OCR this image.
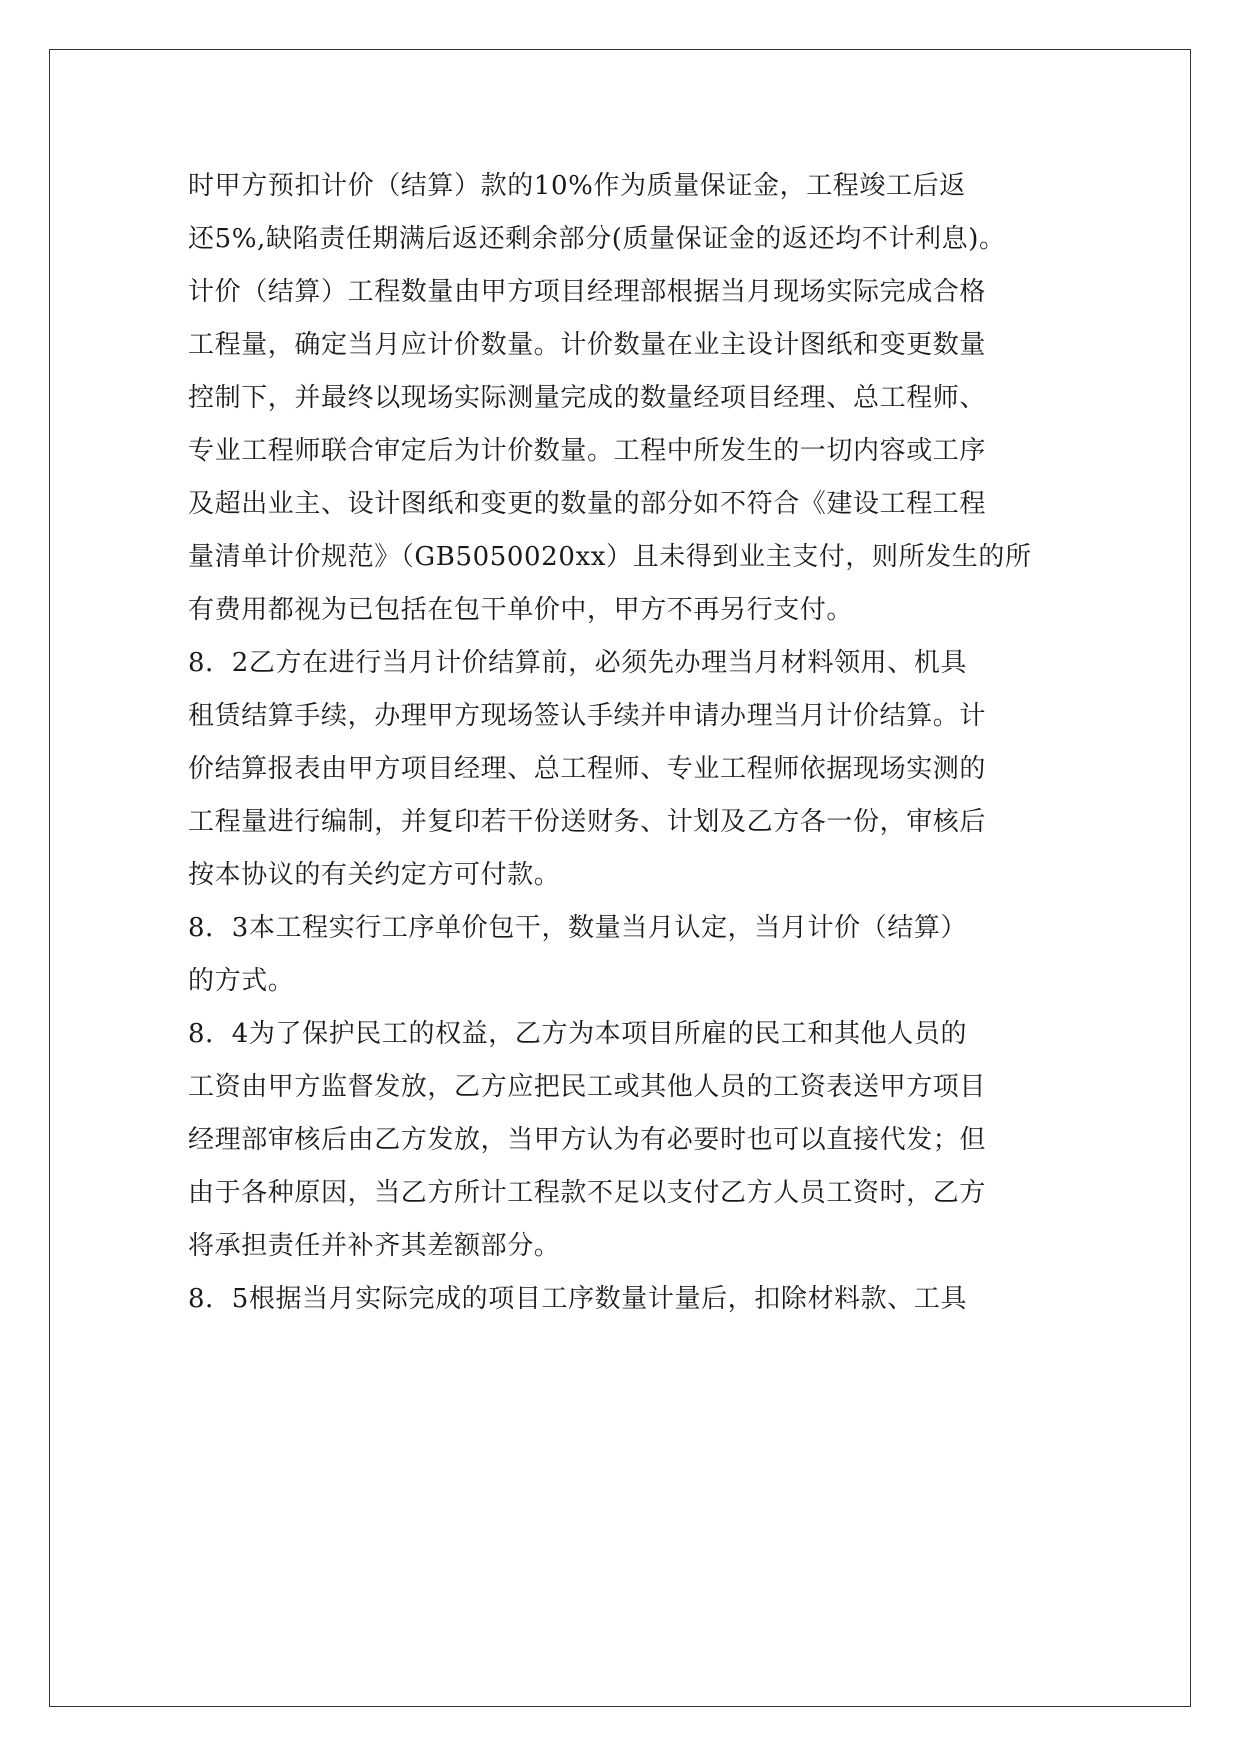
时甲方预扣计价（结算）款的10%作为质量保证金，工程竣工后返
还5%,缺陷责任期满后返还剩余部分(质量保证金的返还均不计利息)。
计价（结算）工程数量由甲方项目经理部根据当月现场实际完成合格
工程量，确定当月应计价数量。计价数量在业主设计图纸和变更数量
控制下，并最终以现场实际测量完成的数量经项目经理、总工程师、
专业工程师联合审定后为计价数量。工程中所发生的一切内容或工序
及超出业主、设计图纸和变更的数量的部分如不符合《建设工程工程
量清单计价规范》（GB5050020xx）且未得到业主支付，则所发生的所
有费用都视为已包括在包干单价中，甲方不再另行支付。
8．2乙方在进行当月计价结算前，必须先办理当月材料领用、机具
租赁结算手续，办理甲方现场签认手续并申请办理当月计价结算。计
价结算报表由甲方项目经理、总工程师、专业工程师依据现场实测的
工程量进行编制，并复印若干份送财务、计划及乙方各一份，审核后
按本协议的有关约定方可付款。
8．3本工程实行工序单价包干，数量当月认定，当月计价（结算）
的方式。
8．4为了保护民工的权益，乙方为本项目所雇的民工和其他人员的
工资由甲方监督发放，乙方应把民工或其他人员的工资表送甲方项目
经理部审核后由乙方发放，当甲方认为有必要时也可以直接代发；但
由于各种原因，当乙方所计工程款不足以支付乙方人员工资时，乙方
将承担责任并补齐其差额部分。
8．5根据当月实际完成的项目工序数量计量后，扣除材料款、工具
